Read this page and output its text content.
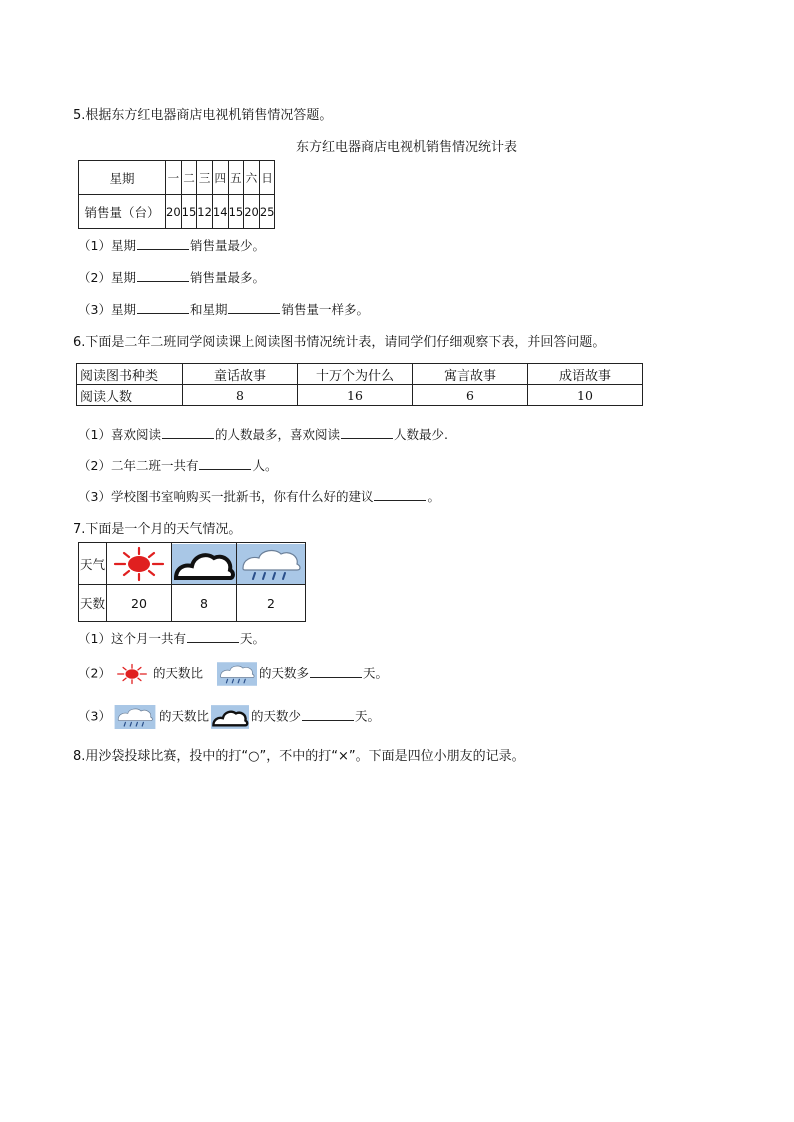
5.根据东方红电器商店电视机销售情况答题。
东方红电器商店电视机销售情况统计表
星期	一	二	三	四	五	六	日
销售量（台）	20	15	12	14	15	20	25
（1）星期	销售量最少。
（2）星期	销售量最多。
（3）星期	和星期	销售量一样多。
6.下面是二年二班同学阅读课上阅读图书情况统计表，请同学们仔细观察下表，并回答问题。
阅读图书种类	童话故事	十万个为什么	寓言故事	成语故事
阅读人数	8	16	6	10
（1）喜欢阅读	的人数最多，喜欢阅读	人数最少.
（2）二年二班一共有	人。
（3）学校图书室响购买一批新书，你有什么好的建议	。
7.下面是一个月的天气情况。
天气			
天数	20	8	2
（1）这个月一共有	天。
（2）	的天数比	的天数多	天。
（3）	的天数比	的天数少	天。
8.用沙袋投球比赛，投中的打“○”，不中的打“×”。下面是四位小朋友的记录。
